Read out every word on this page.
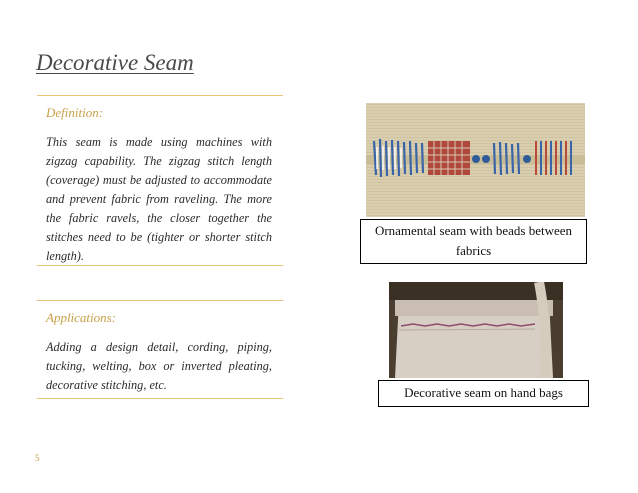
Decorative Seam
Definition:
This seam is made using machines with zigzag capability. The zigzag stitch length (coverage) must be adjusted to accommodate and prevent fabric from raveling. The more the fabric ravels, the closer together the stitches need to be (tighter or shorter stitch length).
Applications:
Adding a design detail, cording, piping, tucking, welting, box or inverted pleating, decorative stitching, etc.
Ornamental seam with beads between fabrics
Decorative seam on hand bags
5
